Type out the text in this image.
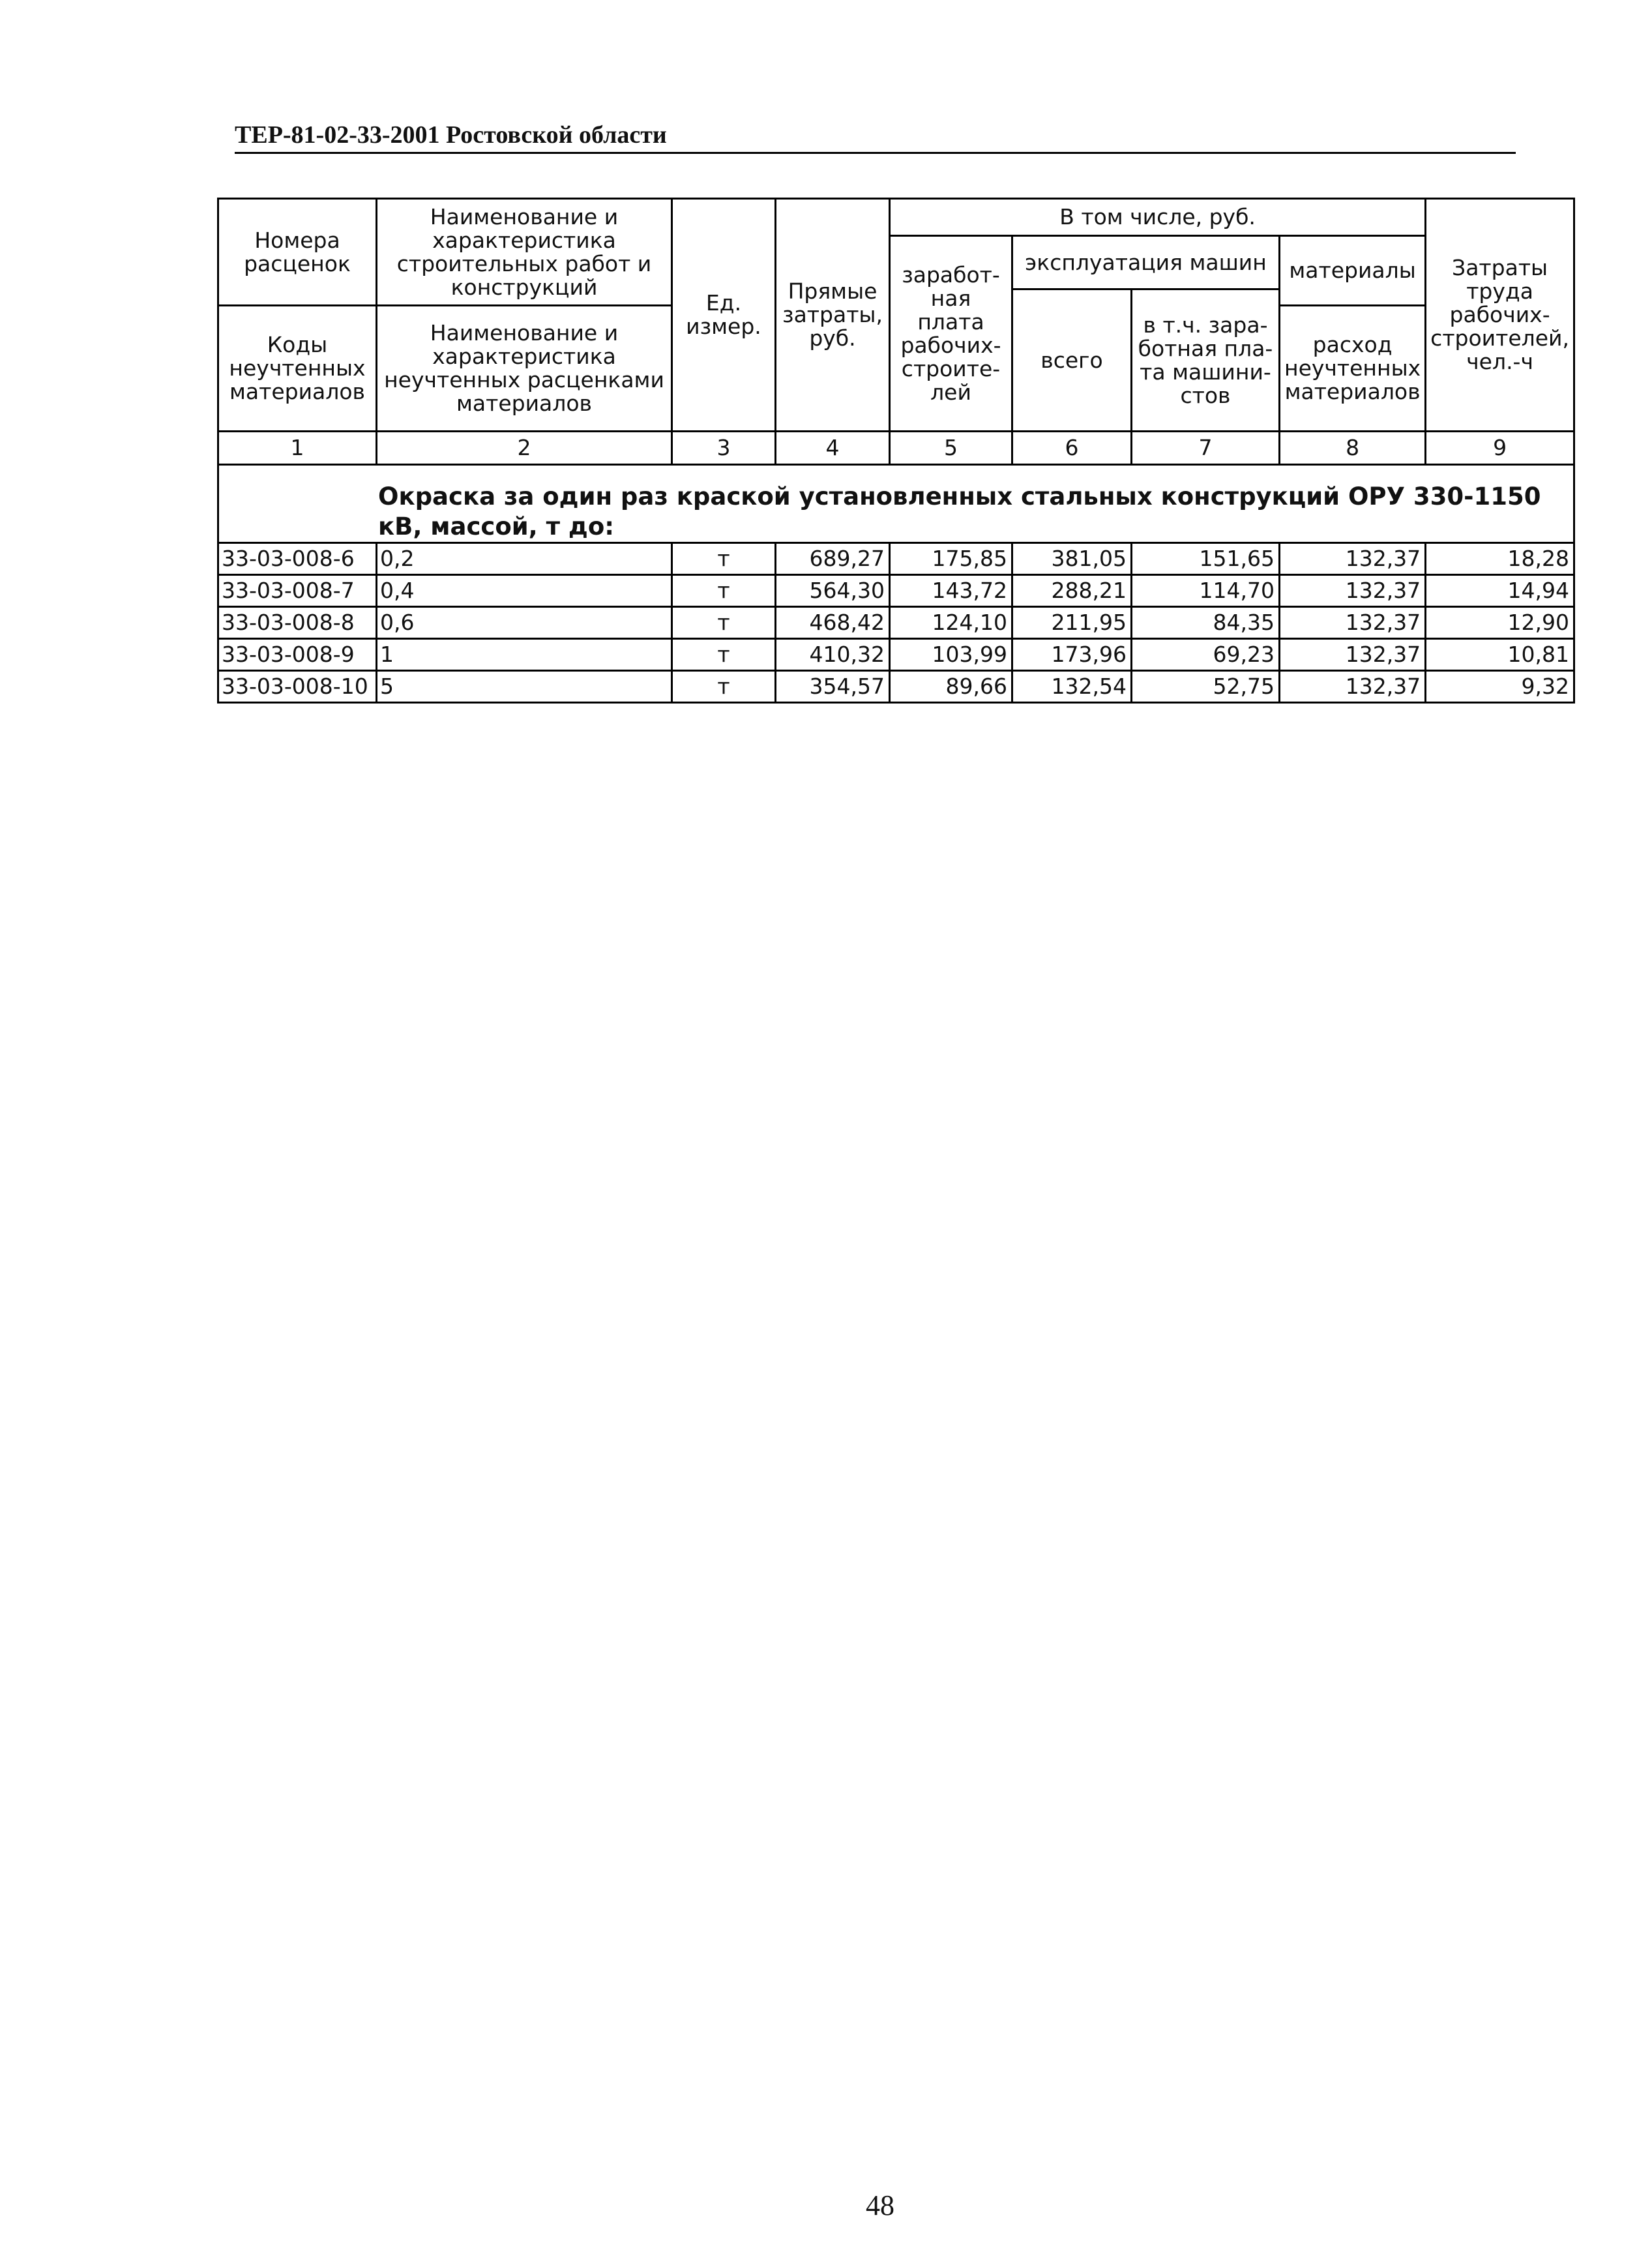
ТЕР-81-02-33-2001 Ростовской области
Номера расценок	Наименование и характеристика строительных работ и конструкций	Ед. измер.	Прямые затраты, руб.	В том числе, руб.				Затраты труда рабочих-строителей, чел.-ч
				заработ-ная плата рабочих-строите-лей	эксплуатация машин		материалы	
					всего	в т.ч. зара-ботная пла-та машини-стов		
Коды неучтенных материалов	Наименование и характеристика неучтенных расценками материалов						расход неучтенных материалов	

1	2	3	4	5	6	7	8	9

Окраска за один раз краской установленных стальных конструкций ОРУ 330-1150 кВ, массой, т до:								

33-03-008-6	0,2	т	689,27	175,85	381,05	151,65	132,37	18,28
33-03-008-7	0,4	т	564,30	143,72	288,21	114,70	132,37	14,94
33-03-008-8	0,6	т	468,42	124,10	211,95	84,35	132,37	12,90
33-03-008-9	1	т	410,32	103,99	173,96	69,23	132,37	10,81
33-03-008-10	5	т	354,57	89,66	132,54	52,75	132,37	9,32
48
